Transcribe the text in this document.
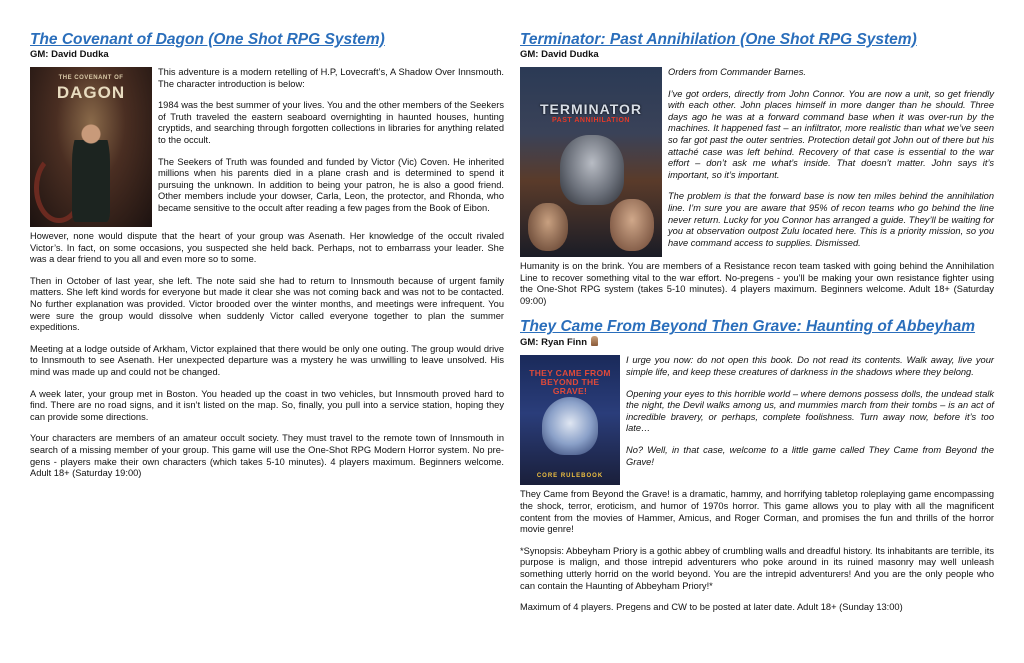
The Covenant of Dagon (One Shot RPG System)
GM: David Dudka
THE COVENANT OF
DAGON

This adventure is a modern retelling of H.P, Lovecraft’s, A Shadow Over Innsmouth. The character introduction is below:

1984 was the best summer of your lives. You and the other members of the Seekers of Truth traveled the eastern seaboard overnighting in haunted houses, hunting cryptids, and searching through forgotten collections in libraries for anything related to the occult.

The Seekers of Truth was founded and funded by Victor (Vic) Coven. He inherited millions when his parents died in a plane crash and is determined to spend it pursuing the unknown. In addition to being your patron, he is also a good friend. Other members include your dowser, Carla, Leon, the protector, and Rhonda, who became sensitive to the occult after reading a few pages from the Book of Eibon.

However, none would dispute that the heart of your group was Asenath. Her knowledge of the occult rivaled Victor’s. In fact, on some occasions, you suspected she held back. Perhaps, not to embarrass your leader. She was a dear friend to you all and even more so to some.

Then in October of last year, she left. The note said she had to return to Innsmouth because of urgent family matters. She left kind words for everyone but made it clear she was not coming back and was not to be contacted. No further explanation was provided. Victor brooded over the winter months, and meetings were infrequent. You were sure the group would dissolve when suddenly Victor called everyone together to plan the summer expeditions.

Meeting at a lodge outside of Arkham, Victor explained that there would be only one outing. The group would drive to Innsmouth to see Asenath. Her unexpected departure was a mystery he was unwilling to leave unsolved. His mind was made up and could not be changed.

A week later, your group met in Boston. You headed up the coast in two vehicles, but Innsmouth proved hard to find. There are no road signs, and it isn’t listed on the map. So, finally, you pull into a service station, hoping they can provide some directions.

Your characters are members of an amateur occult society. They must travel to the remote town of Innsmouth in search of a missing member of your group. This game will use the One-Shot RPG Modern Horror system. No pre-gens - players make their own characters (which takes 5-10 minutes). 4 players maximum. Beginners welcome. Adult 18+ (Saturday 19:00)

Terminator: Past Annihilation (One Shot RPG System)
GM: David Dudka
TERMINATOR
PAST ANNIHILATION

Orders from Commander Barnes.

I’ve got orders, directly from John Connor. You are now a unit, so get friendly with each other. John places himself in more danger than he should. Three days ago he was at a forward command base when it was over-run by the machines. It happened fast – an infiltrator, more realistic than what we’ve seen so far got past the outer sentries. Protection detail got John out of there but his attaché case was left behind. Recovery of that case is essential to the war effort – don’t ask me what’s inside. That doesn’t matter. John says it’s important, so it’s important.

The problem is that the forward base is now ten miles behind the annihilation line. I’m sure you are aware that 95% of recon teams who go behind the line never return. Lucky for you Connor has arranged a guide. They’ll be waiting for you at observation outpost Zulu located here. This is a priority mission, so you have command access to supplies. Dismissed.

Humanity is on the brink. You are members of a Resistance recon team tasked with going behind the Annihilation Line to recover something vital to the war effort. No-pregens - you’ll be making your own resistance fighter using the One-Shot RPG system (takes 5-10 minutes). 4 players maximum. Beginners welcome. Adult 18+ (Saturday 09:00)

They Came From Beyond Then Grave: Haunting of Abbeyham
GM: Ryan Finn
THEY CAME FROM BEYOND THE GRAVE!
CORE RULEBOOK

I urge you now: do not open this book. Do not read its contents. Walk away, live your simple life, and keep these creatures of darkness in the shadows where they belong.

Opening your eyes to this horrible world – where demons possess dolls, the undead stalk the night, the Devil walks among us, and mummies march from their tombs – is an act of incredible bravery, or perhaps, complete foolishness. Turn away now, before it’s too late…

No? Well, in that case, welcome to a little game called They Came from Beyond the Grave!

They Came from Beyond the Grave! is a dramatic, hammy, and horrifying tabletop roleplaying game encompassing the shock, terror, eroticism, and humor of 1970s horror. This game allows you to play with all the magnificent content from the movies of Hammer, Amicus, and Roger Corman, and promises the fun and thrills of the horror movie genre!

*Synopsis: Abbeyham Priory is a gothic abbey of crumbling walls and dreadful history. Its inhabitants are terrible, its purpose is malign, and those intrepid adventurers who poke around in its ruined masonry may well unleash something utterly horrid on the world beyond. You are the intrepid adventurers! And you are the only people who can contain the Haunting of Abbeyham Priory!*

Maximum of 4 players. Pregens and CW to be posted at later date. Adult 18+ (Sunday 13:00)
